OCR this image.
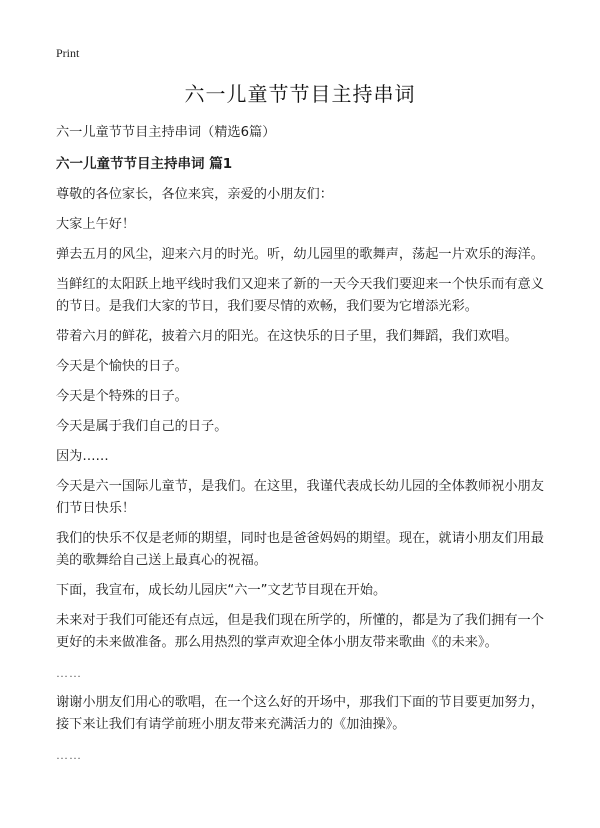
Print
六一儿童节节目主持串词

六一儿童节节目主持串词（精选6篇）

六一儿童节节目主持串词 篇1

尊敬的各位家长，各位来宾，亲爱的小朋友们：

大家上午好！

弹去五月的风尘，迎来六月的时光。听，幼儿园里的歌舞声，荡起一片欢乐的海洋。

当鲜红的太阳跃上地平线时我们又迎来了新的一天今天我们要迎来一个快乐而有意义的节日。是我们大家的节日，我们要尽情的欢畅，我们要为它增添光彩。

带着六月的鲜花，披着六月的阳光。在这快乐的日子里，我们舞蹈，我们欢唱。

今天是个愉快的日子。

今天是个特殊的日子。

今天是属于我们自己的日子。

因为……

今天是六一国际儿童节，是我们。在这里，我谨代表成长幼儿园的全体教师祝小朋友们节日快乐！

我们的快乐不仅是老师的期望，同时也是爸爸妈妈的期望。现在，就请小朋友们用最美的歌舞给自己送上最真心的祝福。

下面，我宣布，成长幼儿园庆“六一”文艺节目现在开始。

未来对于我们可能还有点远，但是我们现在所学的，所懂的，都是为了我们拥有一个更好的未来做准备。那么用热烈的掌声欢迎全体小朋友带来歌曲《的未来》。

……

谢谢小朋友们用心的歌唱，在一个这么好的开场中，那我们下面的节目要更加努力，接下来让我们有请学前班小朋友带来充满活力的《加油操》。

……
